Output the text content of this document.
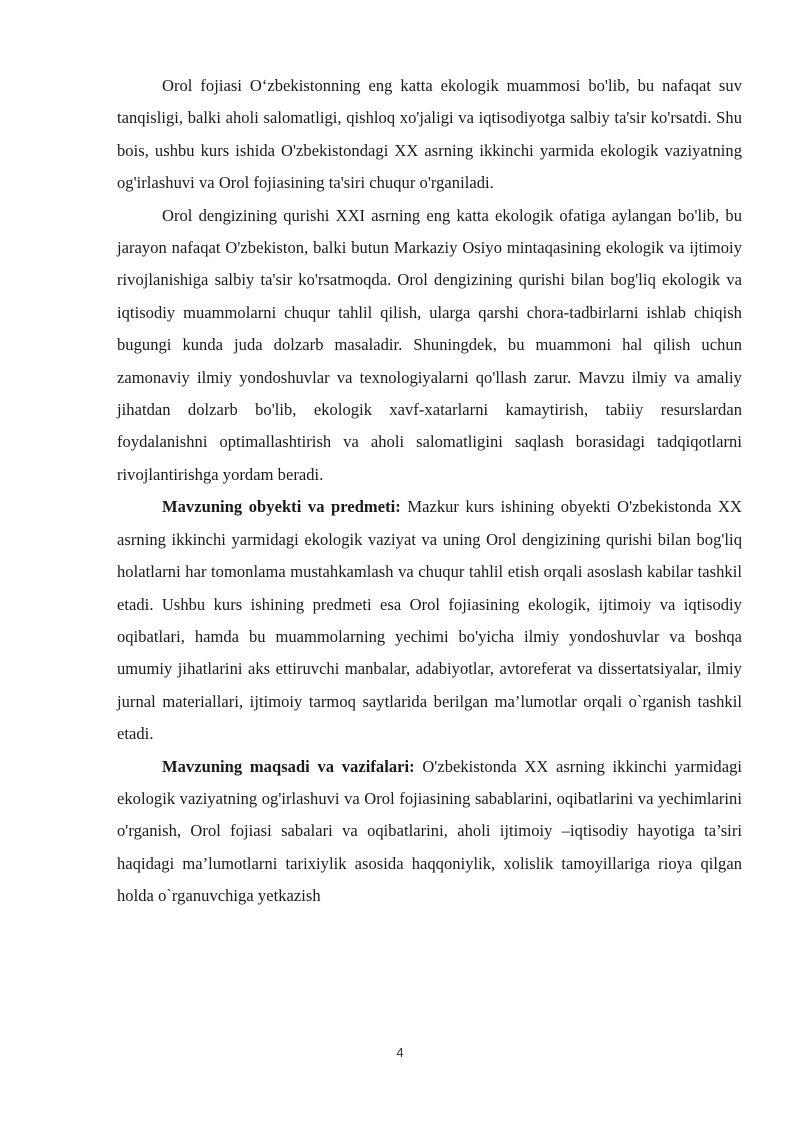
Orol fojiasi O‘zbekistonning eng katta ekologik muammosi bo'lib, bu nafaqat suv tanqisligi, balki aholi salomatligi, qishloq xo'jaligi va iqtisodiyotga salbiy ta'sir ko'rsatdi. Shu bois, ushbu kurs ishida O'zbekistondagi XX asrning ikkinchi yarmida ekologik vaziyatning og'irlashuvi va Orol fojiasining ta'siri chuqur o'rganiladi.

Orol dengizining qurishi XXI asrning eng katta ekologik ofatiga aylangan bo'lib, bu jarayon nafaqat O'zbekiston, balki butun Markaziy Osiyo mintaqasining ekologik va ijtimoiy rivojlanishiga salbiy ta'sir ko'rsatmoqda. Orol dengizining qurishi bilan bog'liq ekologik va iqtisodiy muammolarni chuqur tahlil qilish, ularga qarshi chora-tadbirlarni ishlab chiqish bugungi kunda juda dolzarb masaladir. Shuningdek, bu muammoni hal qilish uchun zamonaviy ilmiy yondoshuvlar va texnologiyalarni qo'llash zarur. Mavzu ilmiy va amaliy jihatdan dolzarb bo'lib, ekologik xavf-xatarlarni kamaytirish, tabiiy resurslardan foydalanishni optimallashtirish va aholi salomatligini saqlash borasidagi tadqiqotlarni rivojlantirishga yordam beradi.

Mavzuning obyekti va predmeti: Mazkur kurs ishining obyekti O'zbekistonda XX asrning ikkinchi yarmidagi ekologik vaziyat va uning Orol dengizining qurishi bilan bog'liq holatlarni har tomonlama mustahkamlash va chuqur tahlil etish orqali asoslash kabilar tashkil etadi. Ushbu kurs ishining predmeti esa Orol fojiasining ekologik, ijtimoiy va iqtisodiy oqibatlari, hamda bu muammolarning yechimi bo'yicha ilmiy yondoshuvlar va boshqa umumiy jihatlarini aks ettiruvchi manbalar, adabiyotlar, avtoreferat va dissertatsiyalar, ilmiy jurnal materiallari, ijtimoiy tarmoq saytlarida berilgan ma’lumotlar orqali o`rganish tashkil etadi.

Mavzuning maqsadi va vazifalari: O'zbekistonda XX asrning ikkinchi yarmidagi ekologik vaziyatning og'irlashuvi va Orol fojiasining sabablarini, oqibatlarini va yechimlarini o'rganish, Orol fojiasi sabalari va oqibatlarini, aholi ijtimoiy –iqtisodiy hayotiga ta’siri haqidagi ma’lumotlarni tarixiylik asosida haqqoniylik, xolislik tamoyillariga rioya qilgan holda o`rganuvchiga yetkazish

4
